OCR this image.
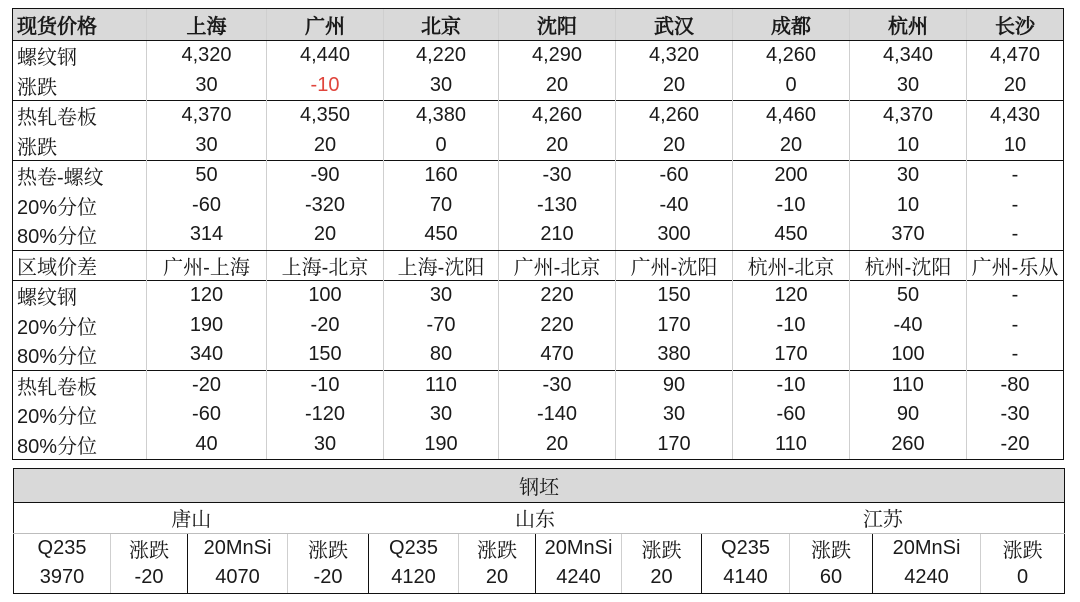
现货价格	上海	广州	北京	沈阳	武汉	成都	杭州	长沙
螺纹钢	4,320	4,440	4,220	4,290	4,320	4,260	4,340	4,470
涨跌	30	-10	30	20	20	0	30	20
热轧卷板	4,370	4,350	4,380	4,260	4,260	4,460	4,370	4,430
涨跌	30	20	0	20	20	20	10	10
热卷-螺纹	50	-90	160	-30	-60	200	30	-
20%分位	-60	-320	70	-130	-40	-10	10	-
80%分位	314	20	450	210	300	450	370	-
区域价差	广州-上海	上海-北京	上海-沈阳	广州-北京	广州-沈阳	杭州-北京	杭州-沈阳	广州-乐从
螺纹钢	120	100	30	220	150	120	50	-
20%分位	190	-20	-70	220	170	-10	-40	-
80%分位	340	150	80	470	380	170	100	-
热轧卷板	-20	-10	110	-30	90	-10	110	-80
20%分位	-60	-120	30	-140	30	-60	90	-30
80%分位	40	30	190	20	170	110	260	-20
钢坯											
唐山				山东				江苏			
Q235	涨跌	20MnSi	涨跌	Q235	涨跌	20MnSi	涨跌	Q235	涨跌	20MnSi	涨跌
3970	-20	4070	-20	4120	20	4240	20	4140	60	4240	0
